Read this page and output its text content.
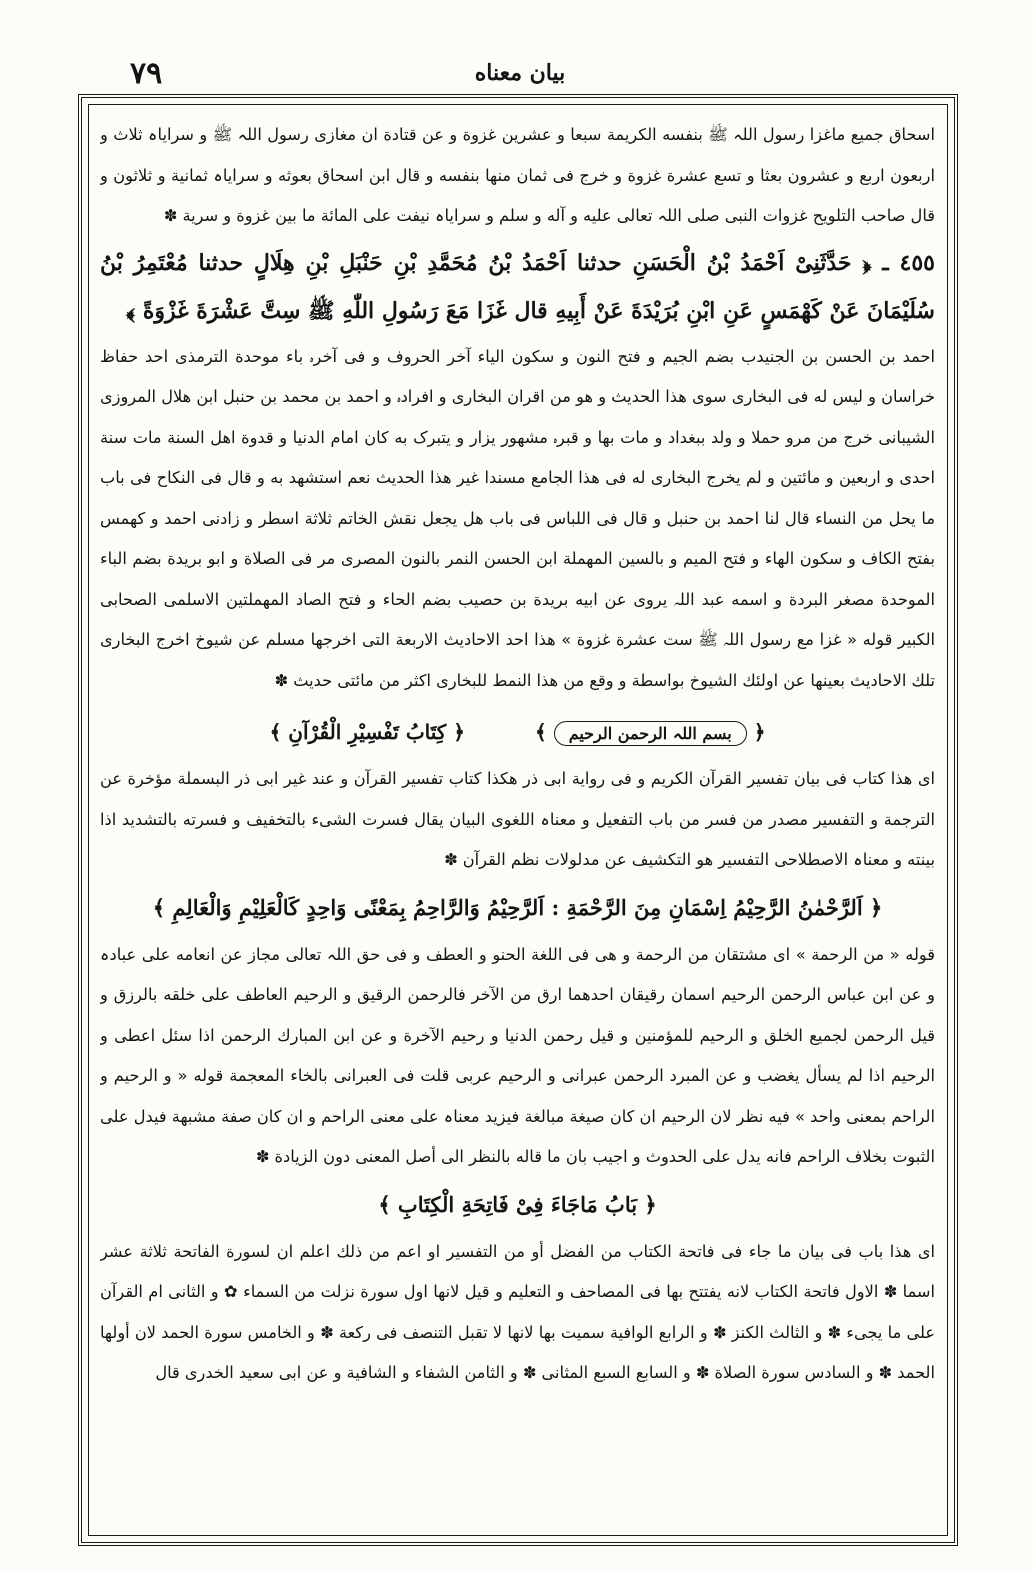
٧٩	بیان معناه

اسحاق جمیع ماغزا رسول اللہ ﷺ بنفسه الکریمة سبعا و عشرین غزوة و عن قتادة ان مغازی رسول اللہ ﷺ و سرایاہ ثلاث و اربعون اربع و عشرون بعثا و تسع عشرة غزوة و خرج فی ثمان منها بنفسه و قال ابن اسحاق بعوثه و سرایاہ ثمانیة و ثلاثون و قال صاحب التلویح غزوات النبی صلی اللہ تعالی علیه و آله و سلم و سرایاہ نیفت علی المائة ما بین غزوة و سریة ✽

٤٥٥ ـ ﴿ حَدَّثَنِیْ اَحْمَدُ بْنُ الْحَسَنِ حدثنا اَحْمَدُ بْنُ مُحَمَّدِ بْنِ حَنْبَلِ بْنِ هِلَالٍ حدثنا مُعْتَمِرُ بْنُ سُلَیْمَانَ عَنْ كَهْمَسٍ عَنِ ابْنِ بُرَیْدَةَ عَنْ أَبِیهِ قال غَزَا مَعَ رَسُولِ اللّٰهِ ﷺ سِتَّ عَشْرَةَ غَزْوَةً ﴾

احمد بن الحسن بن الجنیدب بضم الجیم و فتح النون و سکون الیاء آخر الحروف و فی آخرہ باء موحدة الترمذی احد حفاظ خراسان و لیس له فی البخاری سوی هذا الحدیث و هو من اقران البخاری و افرادہ و احمد بن محمد بن حنبل ابن هلال المروزی الشیبانی خرج من مرو حملا و ولد ببغداد و مات بها و قبرہ مشهور یزار و یتبرک به کان امام الدنیا و قدوة اهل السنة مات سنة احدی و اربعین و مائتین و لم یخرج البخاری له فی هذا الجامع مسندا غیر هذا الحدیث نعم استشهد به و قال فی النکاح فی باب ما یحل من النساء قال لنا احمد بن حنبل و قال فی اللباس فی باب هل یجعل نقش الخاتم ثلاثة اسطر و زادنی احمد و کهمس بفتح الکاف و سکون الهاء و فتح المیم و بالسین المهملة ابن الحسن النمر بالنون المصری مر فی الصلاة و ابو بریدة بضم الباء الموحدة مصغر البردة و اسمه عبد اللہ یروی عن ابیه بریدة بن حصیب بضم الحاء و فتح الصاد المهملتین الاسلمی الصحابی الکبیر قوله « غزا مع رسول اللہ ﷺ ست عشرة غزوة » هذا احد الاحادیث الاربعة التی اخرجها مسلم عن شیوخ اخرج البخاری تلك الاحادیث بعینها عن اولئك الشیوخ بواسطة و وقع من هذا النمط للبخاری اکثر من مائتی حدیث ✽

﴿ بسم اللہ الرحمن الرحیم ﴾
﴿ کِتَابُ تَفْسِیْرِ الْقُرْآنِ ﴾

ای هذا کتاب فی بیان تفسیر القرآن الکریم و فی روایة ابی ذر هکذا کتاب تفسیر القرآن و عند غیر ابی ذر البسملة مؤخرة عن الترجمة و التفسیر مصدر من فسر من باب التفعیل و معناہ اللغوی البیان یقال فسرت الشیء بالتخفیف و فسرته بالتشدید اذا بینته و معناہ الاصطلاحی التفسیر هو التکشیف عن مدلولات نظم القرآن ✽

﴿ اَلرَّحْمٰنُ الرَّحِیْمُ اِسْمَانِ مِنَ الرَّحْمَةِ : اَلرَّحِیْمُ وَالرَّاحِمُ بِمَعْنًی وَاحِدٍ کَالْعَلِیْمِ وَالْعَالِمِ ﴾

قوله « من الرحمة » ای مشتقان من الرحمة و هی فی اللغة الحنو و العطف و فی حق اللہ تعالی مجاز عن انعامه علی عبادہ و عن ابن عباس الرحمن الرحیم اسمان رقیقان احدهما ارق من الآخر فالرحمن الرقیق و الرحیم العاطف علی خلقه بالرزق و قیل الرحمن لجمیع الخلق و الرحیم للمؤمنین و قیل رحمن الدنیا و رحیم الآخرة و عن ابن المبارك الرحمن اذا سئل اعطی و الرحیم اذا لم یسأل یغضب و عن المبرد الرحمن عبرانی و الرحیم عربی قلت فی العبرانی بالخاء المعجمة قوله « و الرحیم و الراحم بمعنی واحد » فیه نظر لان الرحیم ان کان صیغة مبالغة فیزید معناہ علی معنی الراحم و ان کان صفة مشبهة فیدل علی الثبوت بخلاف الراحم فانه یدل علی الحدوث و اجیب بان ما قاله بالنظر الی أصل المعنی دون الزیادة ✽

﴿ بَابُ مَاجَاءَ فِیْ فَاتِحَةِ الْکِتَابِ ﴾

ای هذا باب فی بیان ما جاء فی فاتحة الکتاب من الفضل أو من التفسیر او اعم من ذلك اعلم ان لسورة الفاتحة ثلاثة عشر اسما ✽ الاول فاتحة الکتاب لانه یفتتح بها فی المصاحف و التعلیم و قیل لانها اول سورة نزلت من السماء ✿ و الثانی ام القرآن علی ما یجیء ✽ و الثالث الکنز ✽ و الرابع الوافیة سمیت بها لانها لا تقبل التنصف فی رکعة ✽ و الخامس سورة الحمد لان أولها الحمد ✽ و السادس سورة الصلاة ✽ و السابع السبع المثانی ✽ و الثامن الشفاء و الشافیة و عن ابی سعید الخدری قال
